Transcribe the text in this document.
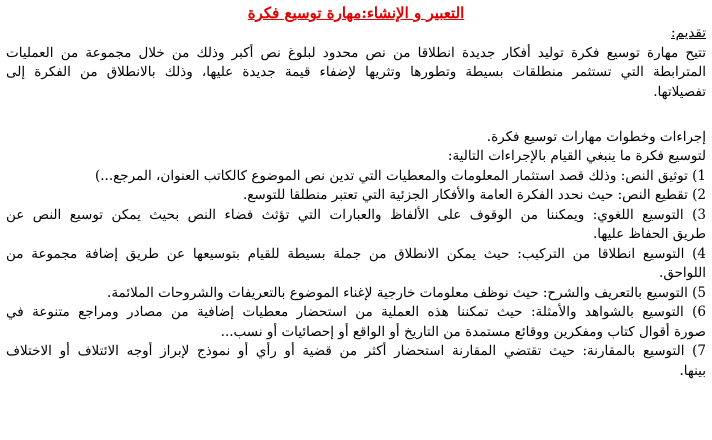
التعبير و الإنشاء:مهارة توسيع فكرة
تقديم:
تتيح مهارة توسيع فكرة توليد أفكار جديدة انطلاقا من نص محدود لبلوغ نص أكبر وذلك من خلال مجموعة من العمليات
المترابطة التي تستثمر منطلقات بسيطة وتطورها وتثريها لإضفاء قيمة جديدة عليها، وذلك بالانطلاق من الفكرة إلى
تفصيلاتها.
إجراءات وخطوات مهارات توسيع فكرة.
لتوسيع فكرة ما ينبغي القيام بالإجراءات التالية:
1) توثيق النص: وذلك قصد استثمار المعلومات والمعطيات التي تدين نص الموضوع كالكاتب العنوان، المرجع...)
2) تقطيع النص: حيث نحدد الفكرة العامة والأفكار الجزئية التي تعتبر منطلقا للتوسع.
3) التوسيع اللغوي: ويمكننا من الوقوف على الألفاظ والعبارات التي تؤثث فضاء النص بحيث يمكن توسيع النص عن
طريق الحفاظ عليها.
4) التوسيع انطلاقا من التركيب: حيث يمكن الانطلاق من جملة بسيطة للقيام بتوسيعها عن طريق إضافة مجموعة من
اللواحق.
5) التوسيع بالتعريف والشرح: حيث نوظف معلومات خارجية لإغناء الموضوع بالتعريفات والشروحات الملائمة.
6) التوسيع بالشواهد والأمثلة: حيث تمكننا هذه العملية من استحضار معطيات إضافية من مصادر ومراجع متنوعة في
صورة أقوال كتاب ومفكرين ووقائع مستمدة من التاريخ أو الواقع أو إحصائيات أو نسب...
7) التوسيع بالمقارنة: حيث تقتضي المقارنة استحضار أكثر من قضية أو رأي أو نموذج لإبراز أوجه الائتلاف أو الاختلاف
بينها.
